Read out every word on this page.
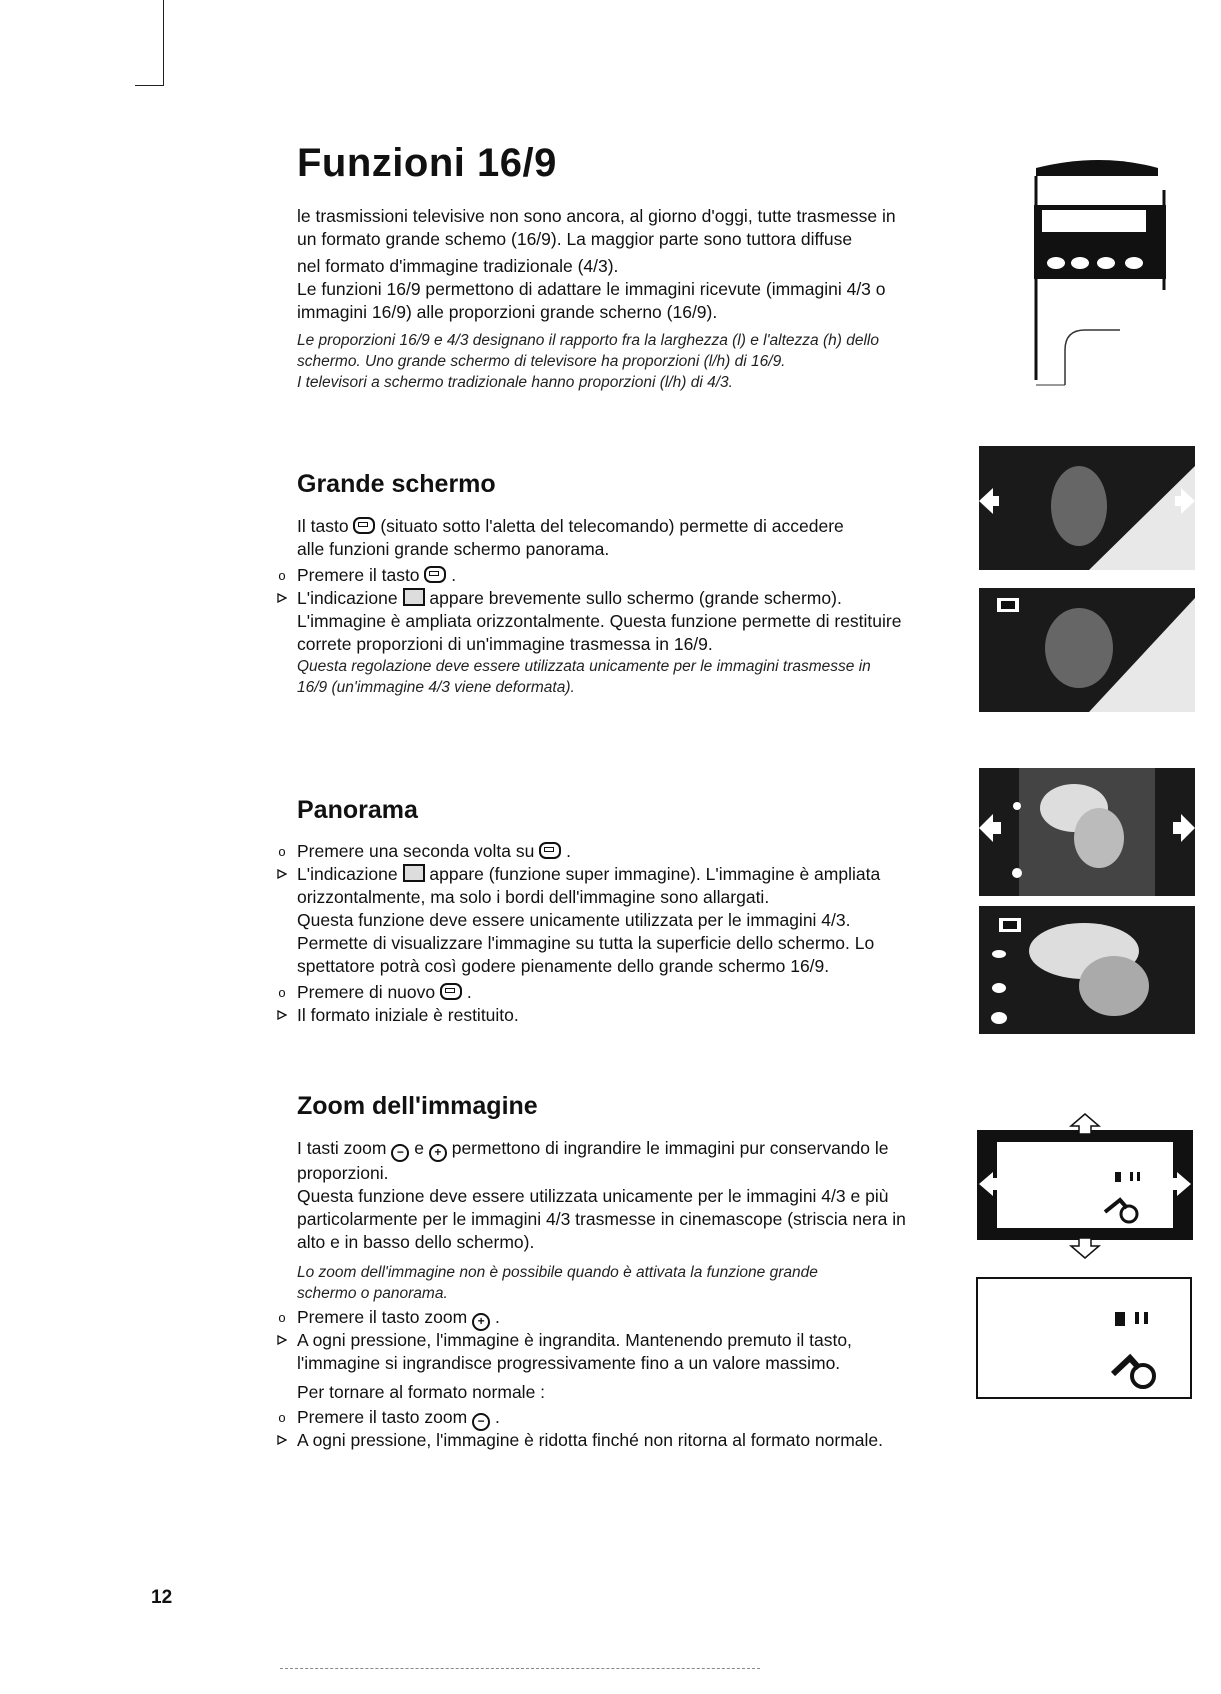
Funzioni 16/9

le trasmissioni televisive non sono ancora, al giorno d'oggi, tutte trasmesse in

un formato grande schemo (16/9). La maggior parte sono tuttora diffuse

nel formato d'immagine tradizionale (4/3).

Le funzioni 16/9 permettono di adattare le immagini ricevute (immagini 4/3 o

immagini 16/9) alle proporzioni grande scherno (16/9).

Le proporzioni 16/9 e 4/3 designano il rapporto fra la larghezza (l) e l'altezza (h) dello

schermo. Uno grande schermo di televisore ha proporzioni (l/h) di 16/9.

I televisori a schermo tradizionale hanno proporzioni (l/h) di 4/3.

Grande schermo

Il tasto (situato sotto l'aletta del telecomando) permette di accedere

alle funzioni grande schermo panorama.

o Premere il tasto  .

L'indicazione appare brevemente sullo schermo (grande schermo).

L'immagine è ampliata orizzontalmente. Questa funzione permette di restituire

correte proporzioni di un'immagine trasmessa in 16/9.

Questa regolazione deve essere utilizzata unicamente per le immagini trasmesse in

16/9 (un'immagine 4/3 viene deformata).

Panorama
o Premere una seconda volta su  .

L'indicazione appare (funzione super immagine). L'immagine è ampliata

orizzontalmente, ma solo i bordi dell'immagine sono allargati.

Questa funzione deve essere unicamente utilizzata per le immagini 4/3.

Permette di visualizzare l'immagine su tutta la superficie dello schermo. Lo

spettatore potrà così godere pienamente dello grande schermo 16/9.

o Premere di nuovo  .
Il formato iniziale è restituito.
Zoom dell'immagine

I tasti zoom − e + permettono di ingrandire le immagini pur conservando le

proporzioni.

Questa funzione deve essere utilizzata unicamente per le immagini 4/3 e più

particolarmente per le immagini 4/3 trasmesse in cinemascope (striscia nera in

alto e in basso dello schermo).

Lo zoom dell'immagine non è possibile quando è attivata la funzione grande

schermo o panorama.

o Premere il tasto zoom + .

A ogni pressione, l'immagine è ingrandita. Mantenendo premuto il tasto,

l'immagine si ingrandisce progressivamente fino a un valore massimo.

Per tornare al formato normale :

o Premere il tasto zoom − .
A ogni pressione, l'immagine è ridotta finché non ritorna al formato normale.
12
